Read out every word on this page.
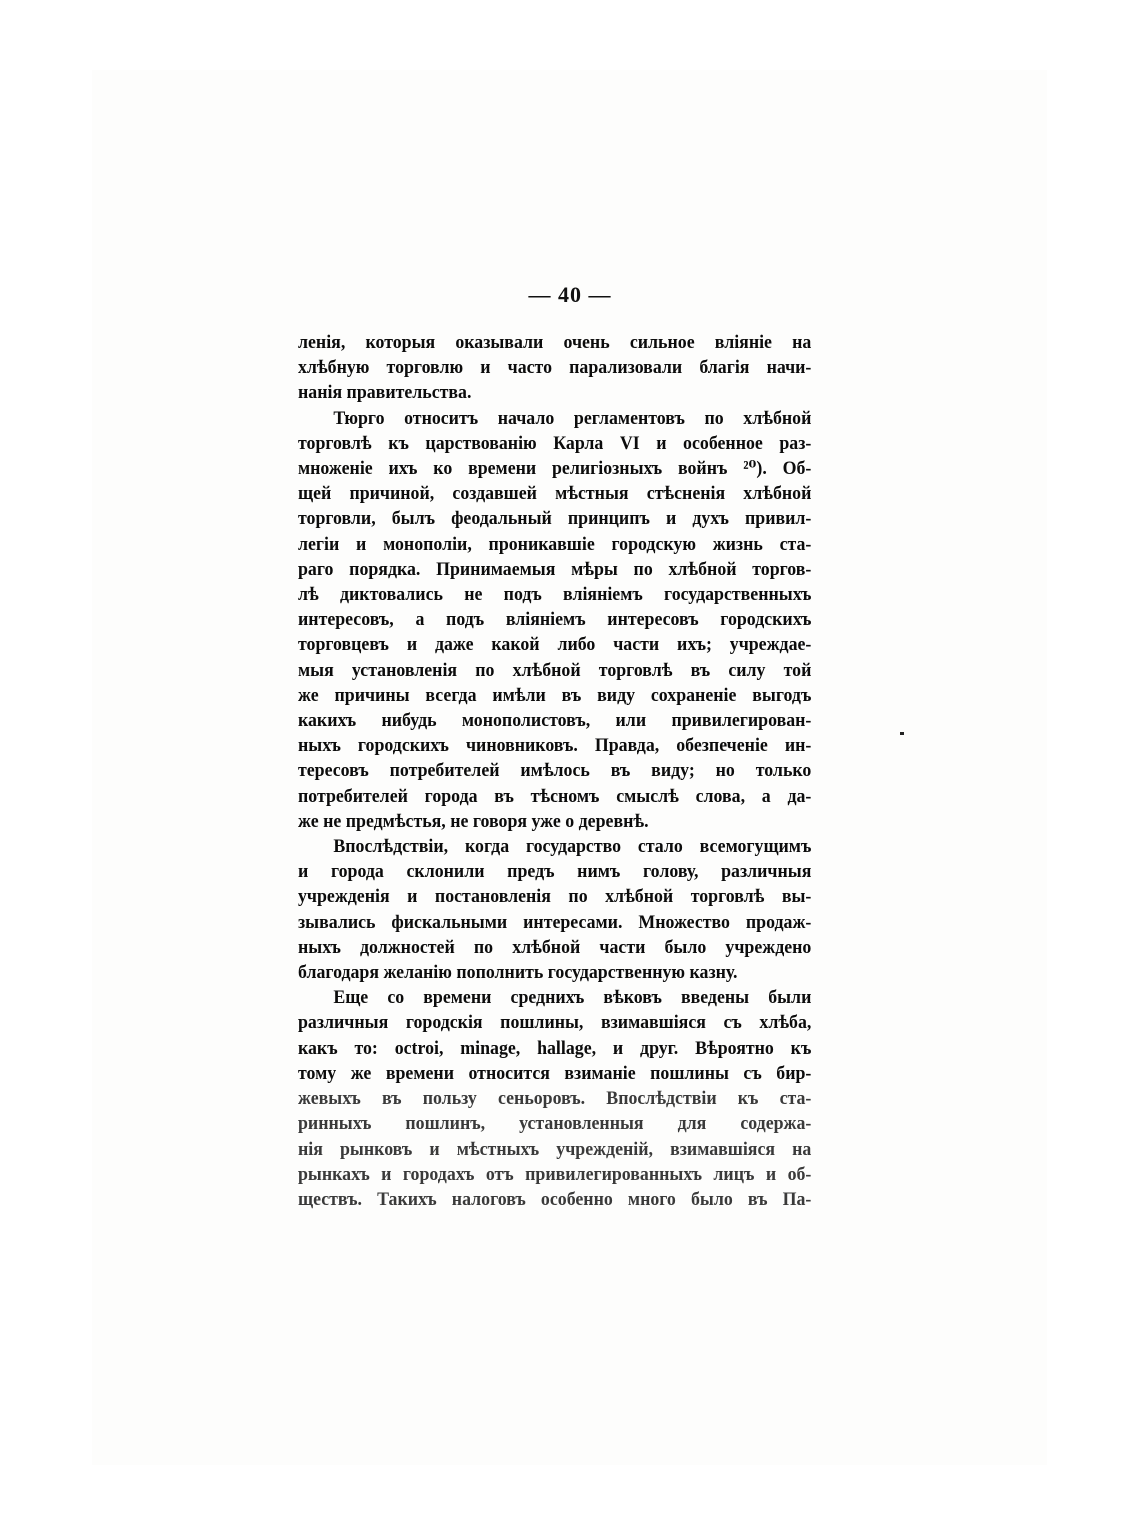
— 40 —
ленія, которыя оказывали очень сильное вліяніе на
хлѣбную торговлю и часто парализовали благія начи-
нанія правительства.
Тюрго относитъ начало регламентовъ по хлѣбной
торговлѣ къ царствованію Карла VI и особенное раз-
множеніе ихъ ко времени религіозныхъ войнъ ²⁰). Об-
щей причиной, создавшей мѣстныя стѣсненія хлѣбной
торговли, былъ феодальный принципъ и духъ привил-
легіи и монополіи, проникавшіе городскую жизнь ста-
раго порядка. Принимаемыя мѣры по хлѣбной торгов-
лѣ диктовались не подъ вліяніемъ государственныхъ
интересовъ, а подъ вліяніемъ интересовъ городскихъ
торговцевъ и даже какой либо части ихъ; учреждае-
мыя установленія по хлѣбной торговлѣ въ силу той
же причины всегда имѣли въ виду сохраненіе выгодъ
какихъ нибудь монополистовъ, или привилегирован-
ныхъ городскихъ чиновниковъ. Правда, обезпеченіе ин-
тересовъ потребителей имѣлось въ виду; но только
потребителей города въ тѣсномъ смыслѣ слова, а да-
же не предмѣстья, не говоря уже о деревнѣ.
Впослѣдствіи, когда государство стало всемогущимъ
и города склонили предъ нимъ голову, различныя
учрежденія и постановленія по хлѣбной торговлѣ вы-
зывались фискальными интересами. Множество продаж-
ныхъ должностей по хлѣбной части было учреждено
благодаря желанію пополнить государственную казну.
Еще со времени среднихъ вѣковъ введены были
различныя городскія пошлины, взимавшіяся съ хлѣба,
какъ то: octroi, minage, hallage, и друг. Вѣроятно къ
тому же времени относится взиманіе пошлины съ бир-
жевыхъ въ пользу сеньоровъ. Впослѣдствіи къ ста-
ринныхъ пошлинъ, установленныя для содержа-
нія рынковъ и мѣстныхъ учрежденій, взимавшіяся на
рынкахъ и городахъ отъ привилегированныхъ лицъ и об-
ществъ. Такихъ налоговъ особенно много было въ Па-
